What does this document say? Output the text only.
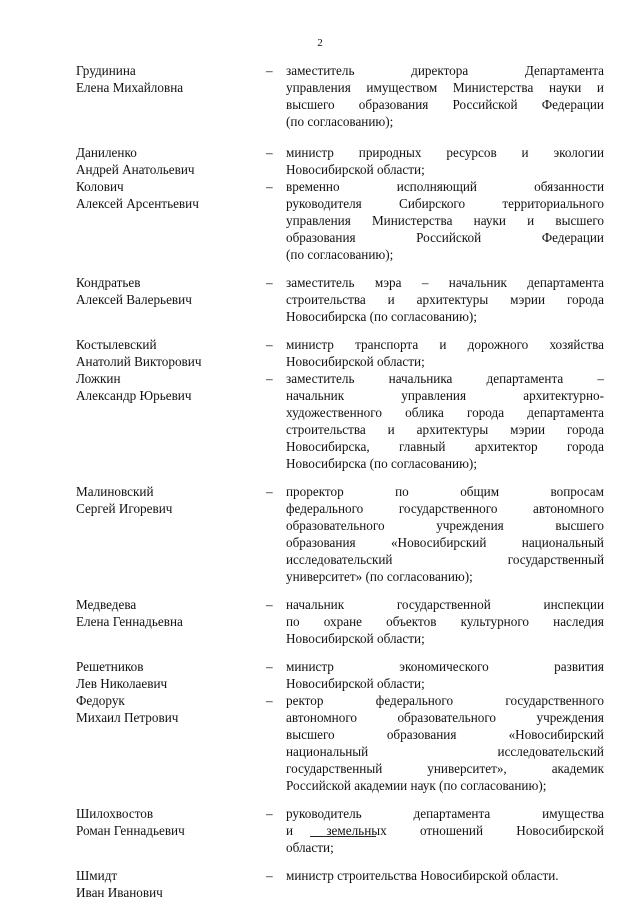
2
Грудинина
Елена Михайловна
– заместитель директора Департамента
управления имуществом Министерства науки и
высшего образования Российской Федерации
(по согласованию);
Даниленко
Андрей Анатольевич
– министр природных ресурсов и экологии
Новосибирской области;
Колович
Алексей Арсентьевич
– временно исполняющий обязанности
руководителя Сибирского территориального
управления Министерства науки и высшего
образования Российской Федерации
(по согласованию);
Кондратьев
Алексей Валерьевич
– заместитель мэра – начальник департамента
строительства и архитектуры мэрии города
Новосибирска (по согласованию);
Костылевский
Анатолий Викторович
– министр транспорта и дорожного хозяйства
Новосибирской области;
Ложкин
Александр Юрьевич
– заместитель начальника департамента –
начальник управления архитектурно-
художественного облика города департамента
строительства и архитектуры мэрии города
Новосибирска, главный архитектор города
Новосибирска (по согласованию);
Малиновский
Сергей Игоревич
– проректор по общим вопросам
федерального государственного автономного
образовательного учреждения высшего
образования «Новосибирский национальный
исследовательский государственный
университет» (по согласованию);
Медведева
Елена Геннадьевна
– начальник государственной инспекции
по охране объектов культурного наследия
Новосибирской области;
Решетников
Лев Николаевич
– министр экономического развития
Новосибирской области;
Федорук
Михаил Петрович
– ректор федерального государственного
автономного образовательного учреждения
высшего образования «Новосибирский
национальный исследовательский
государственный университет», академик
Российской академии наук (по согласованию);
Шилохвостов
Роман Геннадьевич
– руководитель департамента имущества
и земельных отношений Новосибирской
области;
Шмидт
Иван Иванович
– министр строительства Новосибирской области.
